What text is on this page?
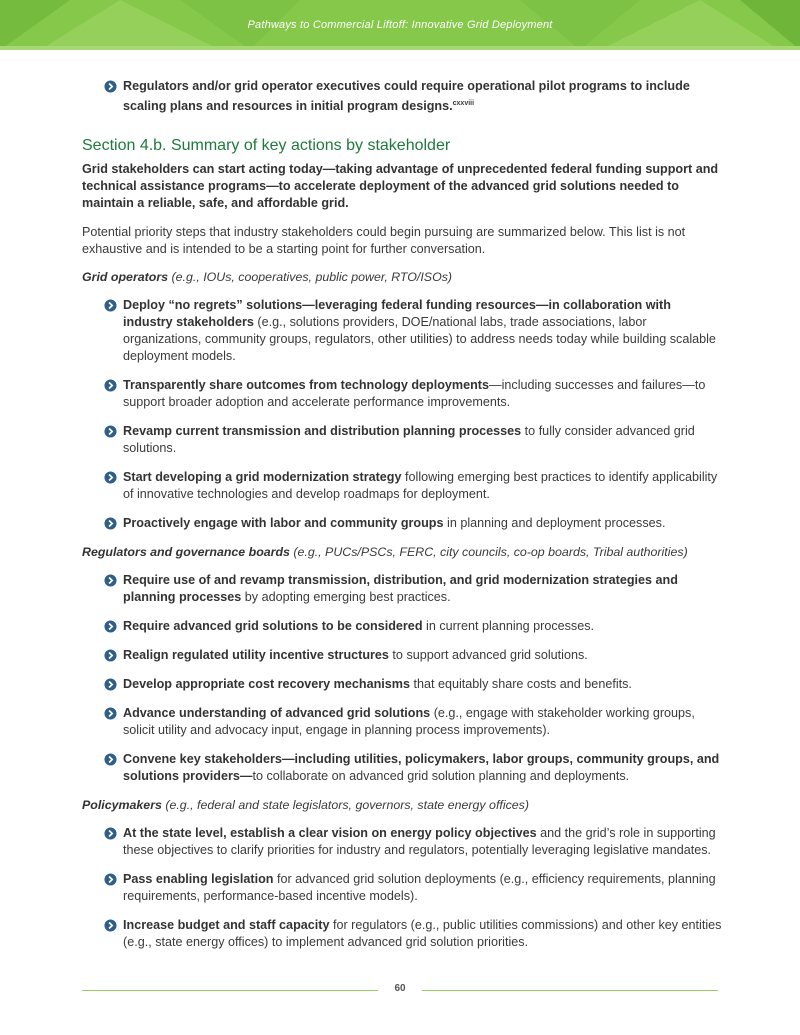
Pathways to Commercial Liftoff: Innovative Grid Deployment
Regulators and/or grid operator executives could require operational pilot programs to include scaling plans and resources in initial program designs.$^{cxxviii}$
Section 4.b. Summary of key actions by stakeholder

Grid stakeholders can start acting today—taking advantage of unprecedented federal funding support and technical assistance programs—to accelerate deployment of the advanced grid solutions needed to maintain a reliable, safe, and affordable grid.

Potential priority steps that industry stakeholders could begin pursuing are summarized below. This list is not exhaustive and is intended to be a starting point for further conversation.

Grid operators (e.g., IOUs, cooperatives, public power, RTO/ISOs)

Deploy “no regrets” solutions—leveraging federal funding resources—in collaboration with industry stakeholders (e.g., solutions providers, DOE/national labs, trade associations, labor organizations, community groups, regulators, other utilities) to address needs today while building scalable deployment models.
Transparently share outcomes from technology deployments—including successes and failures—to support broader adoption and accelerate performance improvements.
Revamp current transmission and distribution planning processes to fully consider advanced grid solutions.
Start developing a grid modernization strategy following emerging best practices to identify applicability of innovative technologies and develop roadmaps for deployment.
Proactively engage with labor and community groups in planning and deployment processes.

Regulators and governance boards (e.g., PUCs/PSCs, FERC, city councils, co-op boards, Tribal authorities)

Require use of and revamp transmission, distribution, and grid modernization strategies and planning processes by adopting emerging best practices.
Require advanced grid solutions to be considered in current planning processes.
Realign regulated utility incentive structures to support advanced grid solutions.
Develop appropriate cost recovery mechanisms that equitably share costs and benefits.
Advance understanding of advanced grid solutions (e.g., engage with stakeholder working groups, solicit utility and advocacy input, engage in planning process improvements).
Convene key stakeholders—including utilities, policymakers, labor groups, community groups, and solutions providers—to collaborate on advanced grid solution planning and deployments.

Policymakers (e.g., federal and state legislators, governors, state energy offices)

At the state level, establish a clear vision on energy policy objectives and the grid’s role in supporting these objectives to clarify priorities for industry and regulators, potentially leveraging legislative mandates.
Pass enabling legislation for advanced grid solution deployments (e.g., efficiency requirements, planning requirements, performance-based incentive models).
Increase budget and staff capacity for regulators (e.g., public utilities commissions) and other key entities (e.g., state energy offices) to implement advanced grid solution priorities.
60
